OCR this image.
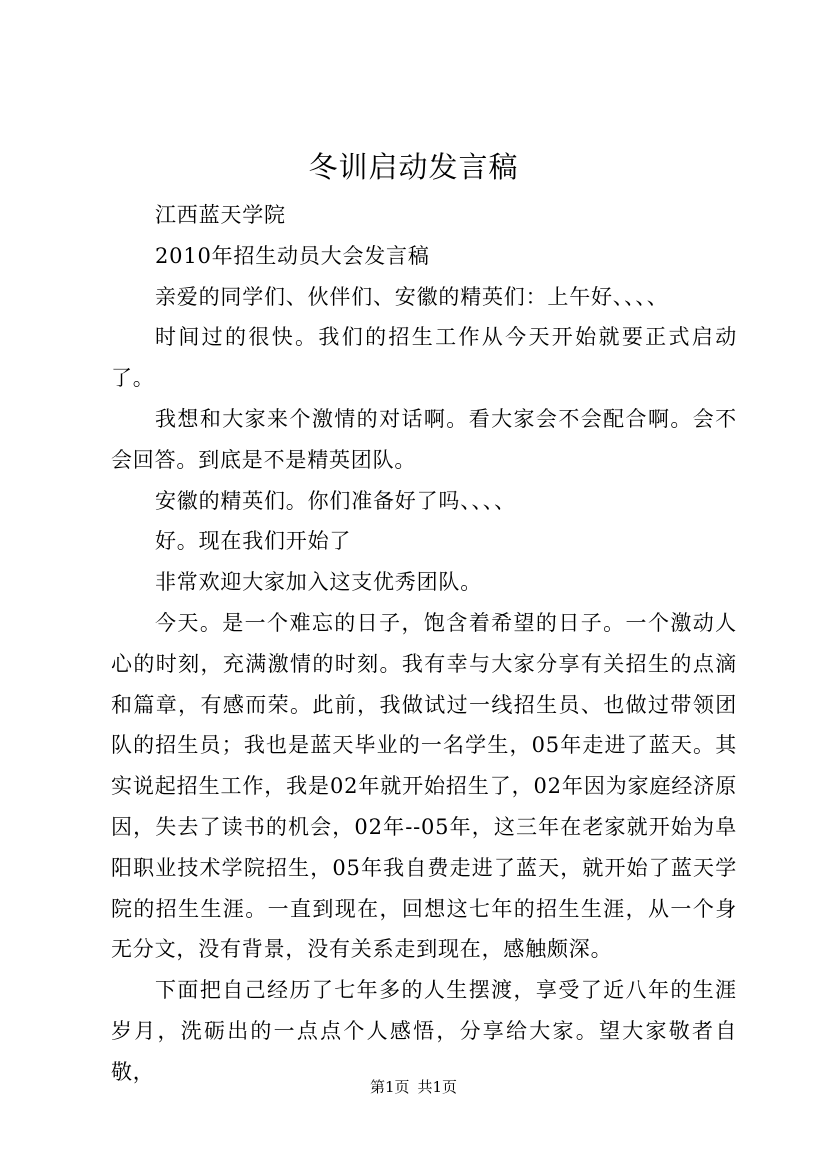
冬训启动发言稿

江西蓝天学院

2010年招生动员大会发言稿

亲爱的同学们、伙伴们、安徽的精英们：上午好、、、、

时间过的很快。我们的招生工作从今天开始就要正式启动了。

我想和大家来个激情的对话啊。看大家会不会配合啊。会不会回答。到底是不是精英团队。

安徽的精英们。你们准备好了吗、、、、

好。现在我们开始了

非常欢迎大家加入这支优秀团队。

今天。是一个难忘的日子，饱含着希望的日子。一个激动人心的时刻，充满激情的时刻。我有幸与大家分享有关招生的点滴和篇章，有感而荣。此前，我做试过一线招生员、也做过带领团队的招生员；我也是蓝天毕业的一名学生，05年走进了蓝天。其实说起招生工作，我是02年就开始招生了，02年因为家庭经济原因，失去了读书的机会，02年--05年，这三年在老家就开始为阜阳职业技术学院招生，05年我自费走进了蓝天，就开始了蓝天学院的招生生涯。一直到现在，回想这七年的招生生涯，从一个身无分文，没有背景，没有关系走到现在，感触颇深。

下面把自己经历了七年多的人生摆渡，享受了近八年的生涯岁月，洗砺出的一点点个人感悟，分享给大家。望大家敬者自敬，

第1页 共1页
